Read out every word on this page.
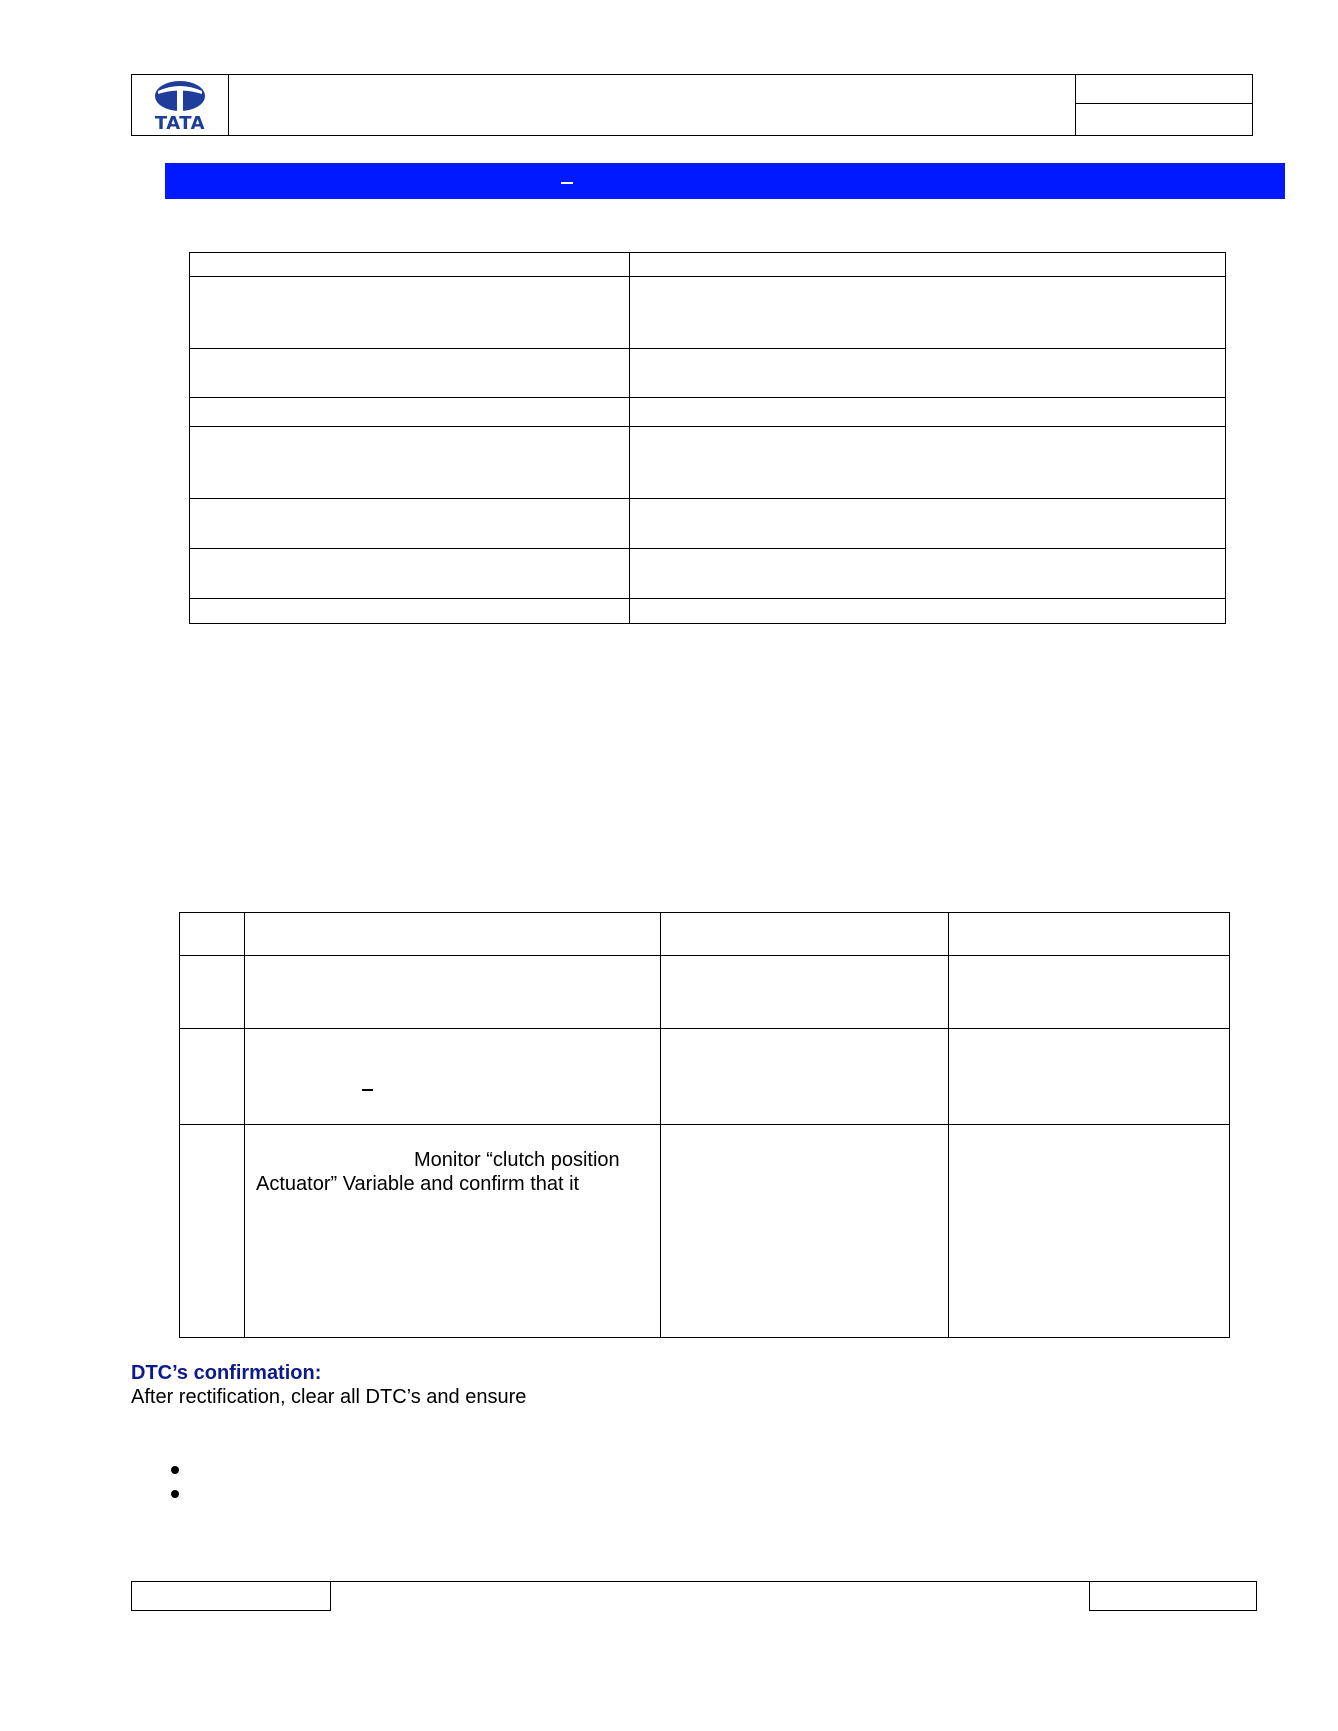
TATA

	Monitor “clutch position
Actuator” Variable and confirm that it		

DTC’s confirmation:
After rectification, clear all DTC’s and ensure
